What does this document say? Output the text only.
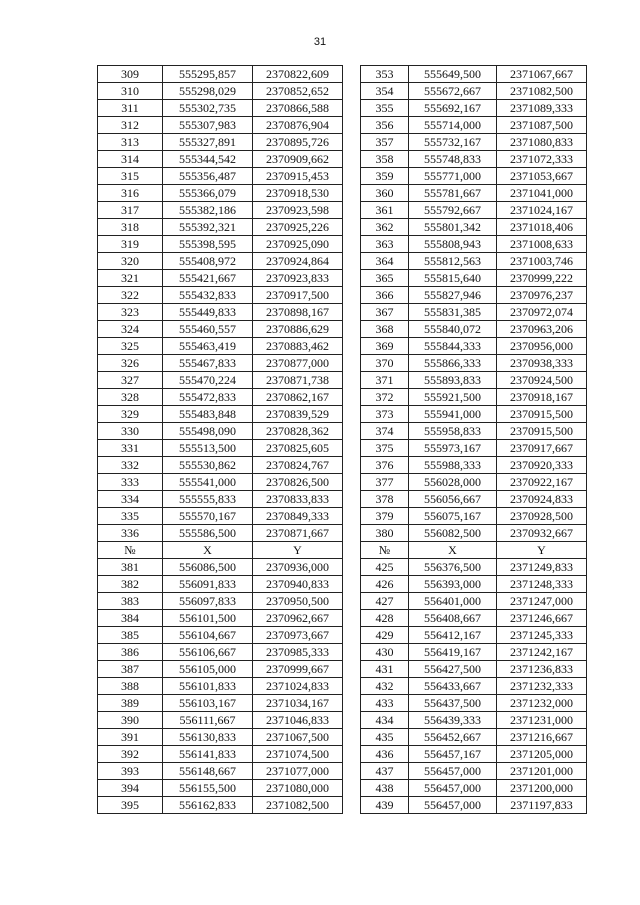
31
309	555295,857	2370822,609
310	555298,029	2370852,652
311	555302,735	2370866,588
312	555307,983	2370876,904
313	555327,891	2370895,726
314	555344,542	2370909,662
315	555356,487	2370915,453
316	555366,079	2370918,530
317	555382,186	2370923,598
318	555392,321	2370925,226
319	555398,595	2370925,090
320	555408,972	2370924,864
321	555421,667	2370923,833
322	555432,833	2370917,500
323	555449,833	2370898,167
324	555460,557	2370886,629
325	555463,419	2370883,462
326	555467,833	2370877,000
327	555470,224	2370871,738
328	555472,833	2370862,167
329	555483,848	2370839,529
330	555498,090	2370828,362
331	555513,500	2370825,605
332	555530,862	2370824,767
333	555541,000	2370826,500
334	555555,833	2370833,833
335	555570,167	2370849,333
336	555586,500	2370871,667
№	X	Y
381	556086,500	2370936,000
382	556091,833	2370940,833
383	556097,833	2370950,500
384	556101,500	2370962,667
385	556104,667	2370973,667
386	556106,667	2370985,333
387	556105,000	2370999,667
388	556101,833	2371024,833
389	556103,167	2371034,167
390	556111,667	2371046,833
391	556130,833	2371067,500
392	556141,833	2371074,500
393	556148,667	2371077,000
394	556155,500	2371080,000
395	556162,833	2371082,500
353	555649,500	2371067,667
354	555672,667	2371082,500
355	555692,167	2371089,333
356	555714,000	2371087,500
357	555732,167	2371080,833
358	555748,833	2371072,333
359	555771,000	2371053,667
360	555781,667	2371041,000
361	555792,667	2371024,167
362	555801,342	2371018,406
363	555808,943	2371008,633
364	555812,563	2371003,746
365	555815,640	2370999,222
366	555827,946	2370976,237
367	555831,385	2370972,074
368	555840,072	2370963,206
369	555844,333	2370956,000
370	555866,333	2370938,333
371	555893,833	2370924,500
372	555921,500	2370918,167
373	555941,000	2370915,500
374	555958,833	2370915,500
375	555973,167	2370917,667
376	555988,333	2370920,333
377	556028,000	2370922,167
378	556056,667	2370924,833
379	556075,167	2370928,500
380	556082,500	2370932,667
№	X	Y
425	556376,500	2371249,833
426	556393,000	2371248,333
427	556401,000	2371247,000
428	556408,667	2371246,667
429	556412,167	2371245,333
430	556419,167	2371242,167
431	556427,500	2371236,833
432	556433,667	2371232,333
433	556437,500	2371232,000
434	556439,333	2371231,000
435	556452,667	2371216,667
436	556457,167	2371205,000
437	556457,000	2371201,000
438	556457,000	2371200,000
439	556457,000	2371197,833
